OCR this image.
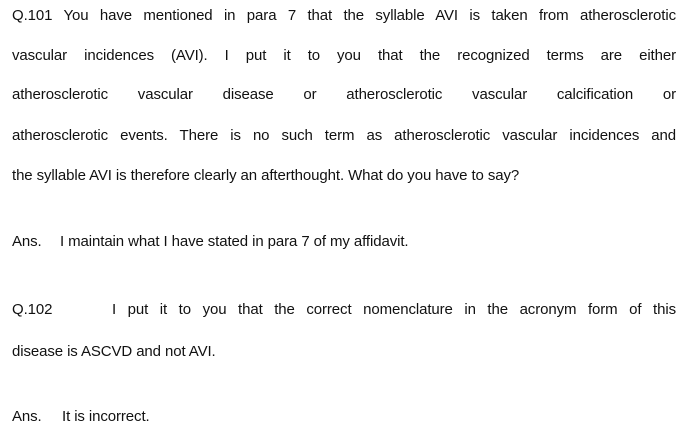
Q.101 You have mentioned in para 7 that the syllable AVI is taken from atherosclerotic
vascular incidences (AVI). I put it to you that the recognized terms are either
atherosclerotic vascular disease or atherosclerotic vascular calcification or
atherosclerotic events. There is no such term as atherosclerotic vascular incidences and
the syllable AVI is therefore clearly an afterthought. What do you have to say?
Ans. I maintain what I have stated in para 7 of my affidavit.
Q.102	I put it to you that the correct nomenclature in the acronym form of this
disease is ASCVD and not AVI.
Ans. It is incorrect.
